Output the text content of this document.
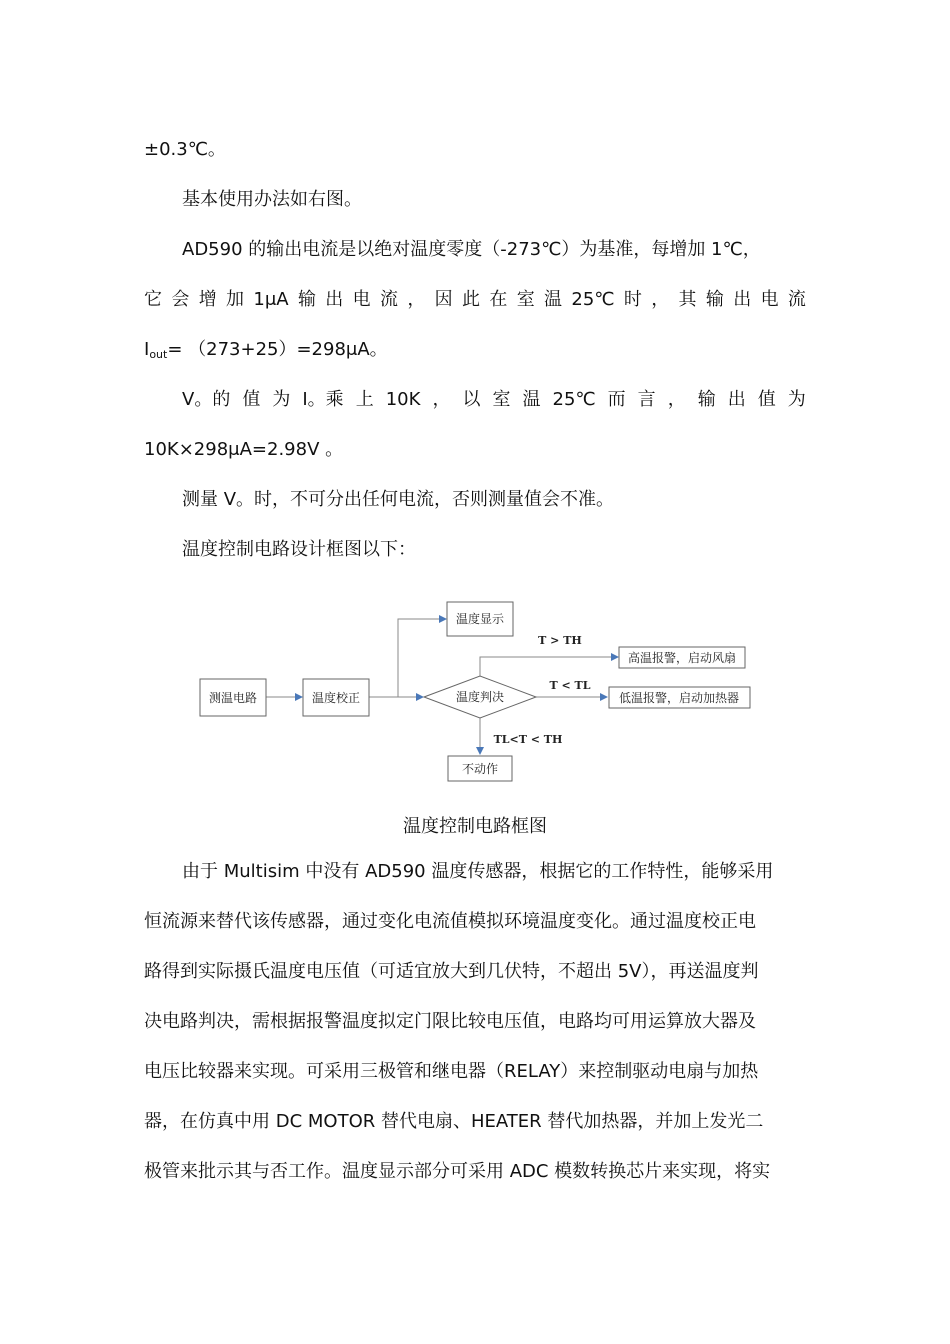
±0.3℃。
基本使用办法如右图。
AD590 的输出电流是以绝对温度零度（-273℃）为基准，每增加 1℃，
它 会 增 加 1μA 输 出 电 流 ， 因 此 在 室 温 25℃ 时 ， 其 输 出 电 流
$I_{out}= (273+25)=298\mu A$。
V。的 值 为 I。乘 上 10K ， 以 室 温 25℃ 而 言 ， 输 出 值 为
10K×298μA=2.98V 。
测量 V。时，不可分出任何电流，否则测量值会不准。
温度控制电路设计框图以下：
测温电路	温度校正
温度显示
温度判决
高温报警，启动风扇
低温报警，启动加热器
不动作
T > TH
T < TL
TL<T < TH
温度控制电路框图
由于 Multisim 中没有 AD590 温度传感器，根据它的工作特性，能够采用
恒流源来替代该传感器，通过变化电流值模拟环境温度变化。通过温度校正电
路得到实际摄氏温度电压值（可适宜放大到几伏特，不超出 5V），再送温度判
决电路判决，需根据报警温度拟定门限比较电压值，电路均可用运算放大器及
电压比较器来实现。可采用三极管和继电器（RELAY）来控制驱动电扇与加热
器，在仿真中用 DC MOTOR 替代电扇、HEATER 替代加热器，并加上发光二
极管来批示其与否工作。温度显示部分可采用 ADC 模数转换芯片来实现，将实
